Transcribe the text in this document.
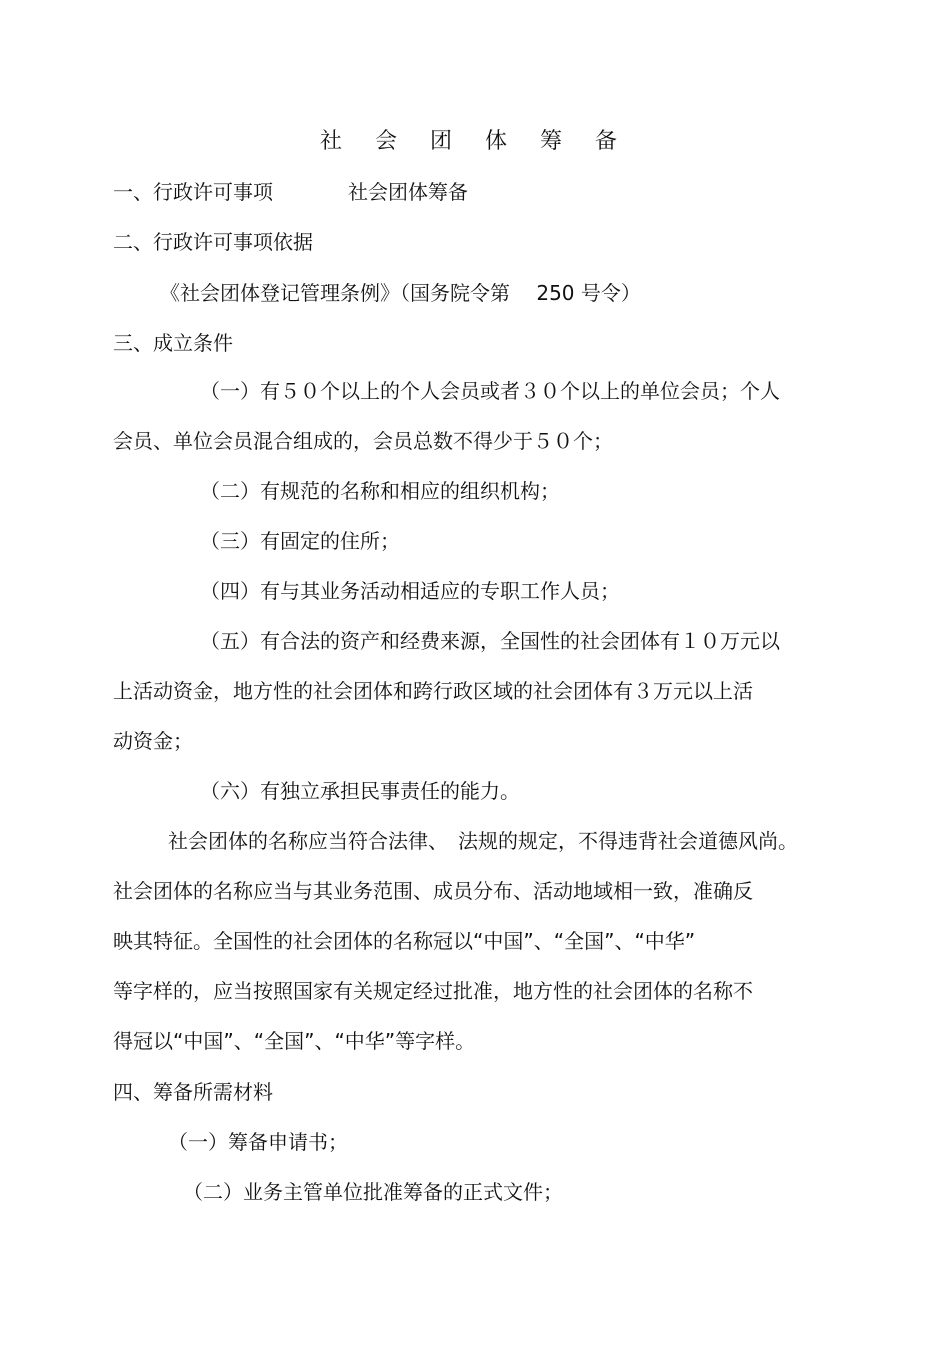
社 会 团 体 筹 备
一、行政许可事项	社会团体筹备
二、行政许可事项依据
《社会团体登记管理条例》（国务院令第　 250 号令）
三、成立条件
（一）有５０个以上的个人会员或者３０个以上的单位会员；个人
会员、单位会员混合组成的，会员总数不得少于５０个；
（二）有规范的名称和相应的组织机构；
（三）有固定的住所；
（四）有与其业务活动相适应的专职工作人员；
（五）有合法的资产和经费来源，全国性的社会团体有１０万元以
上活动资金，地方性的社会团体和跨行政区域的社会团体有３万元以上活
动资金；
（六）有独立承担民事责任的能力。
社会团体的名称应当符合法律、　法规的规定，不得违背社会道德风尚。
社会团体的名称应当与其业务范围、成员分布、活动地域相一致，准确反
映其特征。全国性的社会团体的名称冠以“中国”、“全国”、“中华”
等字样的，应当按照国家有关规定经过批准，地方性的社会团体的名称不
得冠以“中国”、“全国”、“中华”等字样。
四、筹备所需材料
（一）筹备申请书；
（二）业务主管单位批准筹备的正式文件；
